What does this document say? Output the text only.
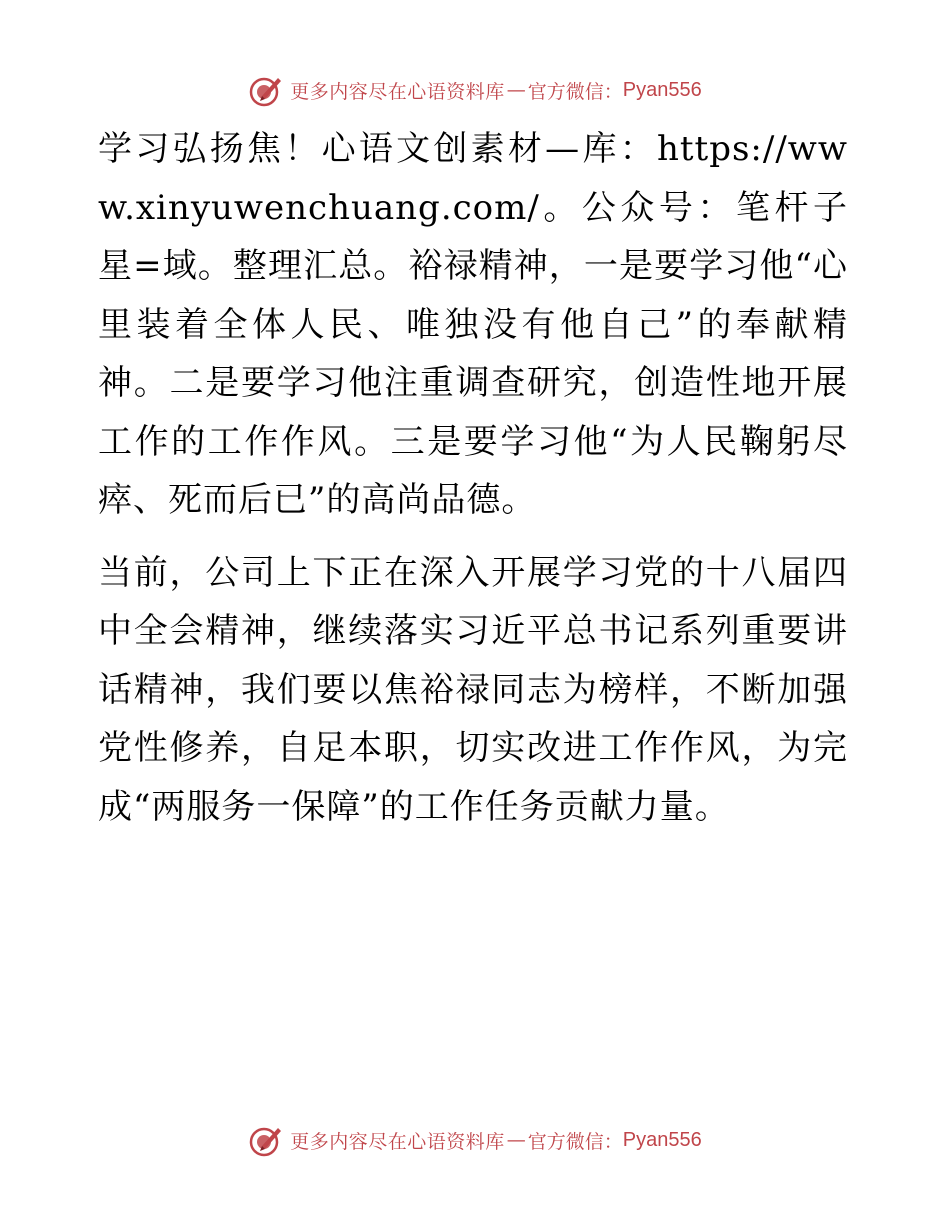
更多内容尽在心语资料库 — 官方微信： Pyan556

学习弘扬焦！心语文创素材—库：https://www.xinyuwenchuang.com/。公众号：笔杆子星=域。整理汇总。裕禄精神，一是要学习他“心里装着全体人民、唯独没有他自己”的奉献精神。二是要学习他注重调查研究，创造性地开展工作的工作作风。三是要学习他“为人民鞠躬尽瘁、死而后已”的高尚品德。

当前，公司上下正在深入开展学习党的十八届四中全会精神，继续落实习近平总书记系列重要讲话精神，我们要以焦裕禄同志为榜样，不断加强党性修养，自足本职，切实改进工作作风，为完成“两服务一保障”的工作任务贡献力量。

更多内容尽在心语资料库 — 官方微信： Pyan556
